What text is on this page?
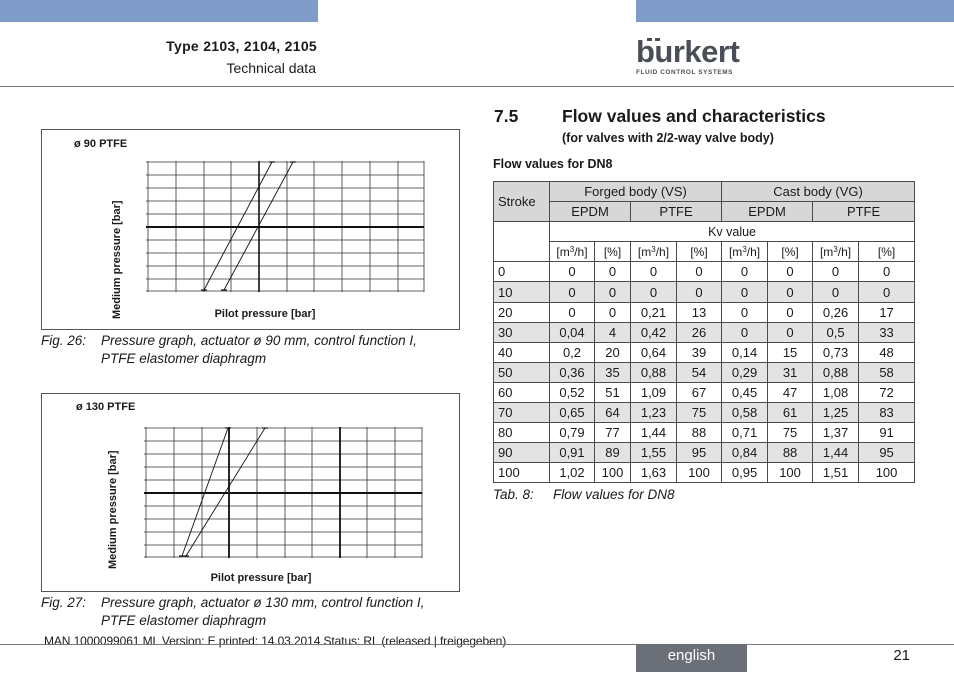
Type 2103, 2104, 2105
Technical data	burkert
FLUID CONTROL SYSTEMS
ø 90 PTFE
Medium pressure [bar]	Pilot pressure [bar]
Fig. 26: Pressure graph, actuator ø 90 mm, control function I,
PTFE elastomer diaphragm
ø 130 PTFE
Medium pressure [bar]
Pilot pressure [bar]
Fig. 27: Pressure graph, actuator ø 130 mm, control function I,
PTFE elastomer diaphragm
7.5 Flow values and characteristics
(for valves with 2/2-way valve body)
Flow values for DN8
Stroke	Forged body (VS)				Cast body (VG)			
	EPDM		PTFE		EPDM		PTFE	
	Kv value							
	$[m^3/h]$	[%]	$[m^3/h]$	[%]	$[m^3/h]$	[%]	$[m^3/h]$	[%]
0	0	0	0	0	0	0	0	0
10	0	0	0	0	0	0	0	0
20	0	0	0,21	13	0	0	0,26	17
30	0,04	4	0,42	26	0	0	0,5	33
40	0,2	20	0,64	39	0,14	15	0,73	48
50	0,36	35	0,88	54	0,29	31	0,88	58
60	0,52	51	1,09	67	0,45	47	1,08	72
70	0,65	64	1,23	75	0,58	61	1,25	83
80	0,79	77	1,44	88	0,71	75	1,37	91
90	0,91	89	1,55	95	0,84	88	1,44	95
100	1,02	100	1,63	100	0,95	100	1,51	100
Tab. 8: Flow values for DN8
MAN 1000099061 ML Version: E printed: 14.03.2014 Status: RL (released | freigegeben)
english	21
